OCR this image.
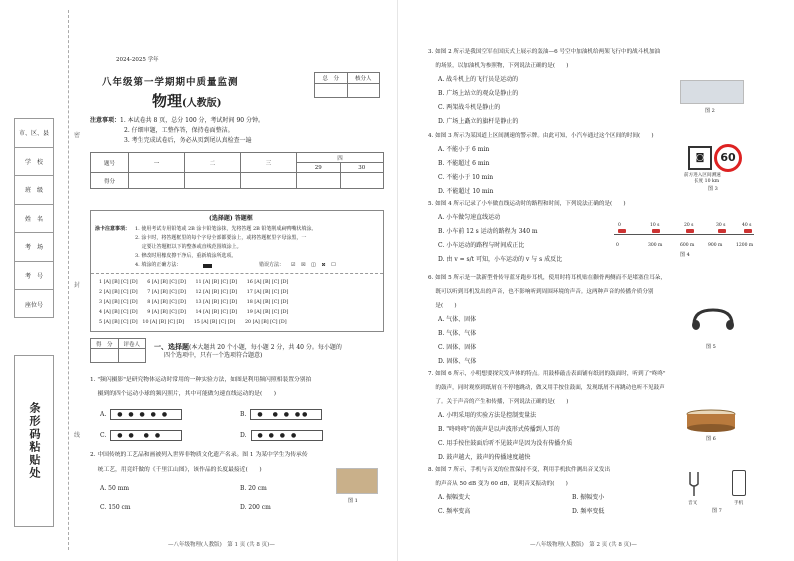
市、区、县
学　校
班　级
姓　名
考　场
考　号
座位号
条形码粘贴处
密
封
线
2024-2025 学年
八年级第一学期期中质量监测
物理(人教版)
总　分	核分人

注意事项：1. 本试卷共 8 页，总分 100 分，考试时间 90 分钟。
2. 仔细审题，工整作答，保持卷面整洁。
3. 考生完成试卷后，务必从页到尾认真检查一遍
题号	一	二	三	四	
				29	30
得分					
(选择题) 答题框
涂卡注意事项： 1. 使用考试专用铅笔或 2B 涂卡铅笔涂抹，先将答题 2B 铅笔削成扁鸭嘴状填涂。
2. 涂卡时，将答题框里的每个字母全部都要涂上，或将答题框里字母涂黑，一
　 定要让答题框以下的整条或直线范围填涂上。
3. 修改时用橡皮擦干净后，重新填涂所选项。
4. 填涂的正确方法：	错误方法： ☑ ☒ ◫ ⊠ ☐
1 [A] [B] [C] [D]　　6 [A] [B] [C] [D]　　11 [A] [B] [C] [D]　　16 [A] [B] [C] [D]
2 [A] [B] [C] [D]　　7 [A] [B] [C] [D]　　12 [A] [B] [C] [D]　　17 [A] [B] [C] [D]
3 [A] [B] [C] [D]　　8 [A] [B] [C] [D]　　13 [A] [B] [C] [D]　　18 [A] [B] [C] [D]
4 [A] [B] [C] [D]　　9 [A] [B] [C] [D]　　14 [A] [B] [C] [D]　　19 [A] [B] [C] [D]
5 [A] [B] [C] [D]　10 [A] [B] [C] [D]　　15 [A] [B] [C] [D]　　20 [A] [B] [C] [D]
得　分	评卷人
	一、选择题(本大题共 20 个小题，每小题 2 分，共 40 分。每小题的
四个选项中，只有一个选项符合题意)
1. "频闪摄影"是研究物体运动时常用的一种实验方法，如图是利用频闪照相装置分别拍
　 摄到的四个运动小球的频闪照片，其中可能做匀速直线运动的是(　　)
A.	● ● ● ● ●	B.	●　● ● ●●
C.	● ●　● ●	D.	● ● ● ●
2. 中国传统的工艺品和画被列入世界非物质文化遗产名录。图 1 为某中学生为传承传
　 统工艺，用竞纤做的《千里江山图》，该作品的长度最接近(　　)
A. 50 mm	B. 20 cm
C. 150 cm	D. 200 cm
图 1
—八年级物理(人教版)　第 1 页 (共 8 页)—
3. 如图 2 所示是我国空军在国庆式上展示的轰油—6 号空中加油机给两架飞行中的战斗机加油
　 的场景，以加油机为参照物，下列说法正确的是(　　)
A. 战斗机上的飞行员是运动的
B. 广场上站立的观众是静止的
C. 两架战斗机是静止的
D. 广场上矗立的旗杆是静止的
图 2
4. 如图 3 所示为某国道上区间测速的警示牌。由此可知，小汽车通过这个区间的时间(　　)
A. 不能小于 6 min
B. 不能超过 6 min
C. 不能小于 10 min
D. 不能超过 10 min
◙	60
前方进入区间测速
长度 10 km
图 3
5. 如图 4 所示记录了小车做直线运动时的路程和时间，下列说法正确的是(　　)
A. 小车做匀速直线运动
B. 小车前 12 s 运动的路程为 340 m
C. 小车运动的路程与时间成正比
D. 由 v = s/t 可知，小车运动的 v 与 s 成反比
0	10 s	20 s	30 s	40 s
0	300 m	600 m	900 m	1200 m
图 4
6. 如图 5 所示是一款新型骨传导蓝牙跑步耳机，使用时将耳机贴在颧骨两侧而不是堵塞住耳朵，
　 既可以听到耳机发出的声音，也不影响听到周围环境的声音。这两种声音的传播介质分别
　 是(　　)
A. 气体、固体
B. 气体、气体
C. 固体、固体
D. 固体、气体
图 5
7. 如图 6 所示，小明想要探究发声体的特点。用鼓棒敲击表面铺有纸屑的鼓面时，听到了"咚咚"
　 的鼓声，同时观察到纸屑在不停地跳动，做又用手按住鼓面，发现纸屑不再跳动也听不见鼓声
　 了。关于声音的产生和传播，下列说法正确的是(　　)
A. 小明采用的实验方法是控制变量法
B. "咚咚咚"的鼓声是以声波形式传播到人耳的
C. 用手按住鼓面后听不见鼓声是因为没有传播介质
D. 鼓声越大，鼓声的传播速度越快
图 6
8. 如图 7 所示，手机与音叉的位置保持不变，利用手机软件测出音叉发出
　 的声音从 50 dB 变为 60 dB，说明音叉振动的(　　)
A. 振幅变大	B. 振幅变小
C. 频率变高	D. 频率变低
音叉	手机
图 7
—八年级物理(人教版)　第 2 页 (共 8 页)—
